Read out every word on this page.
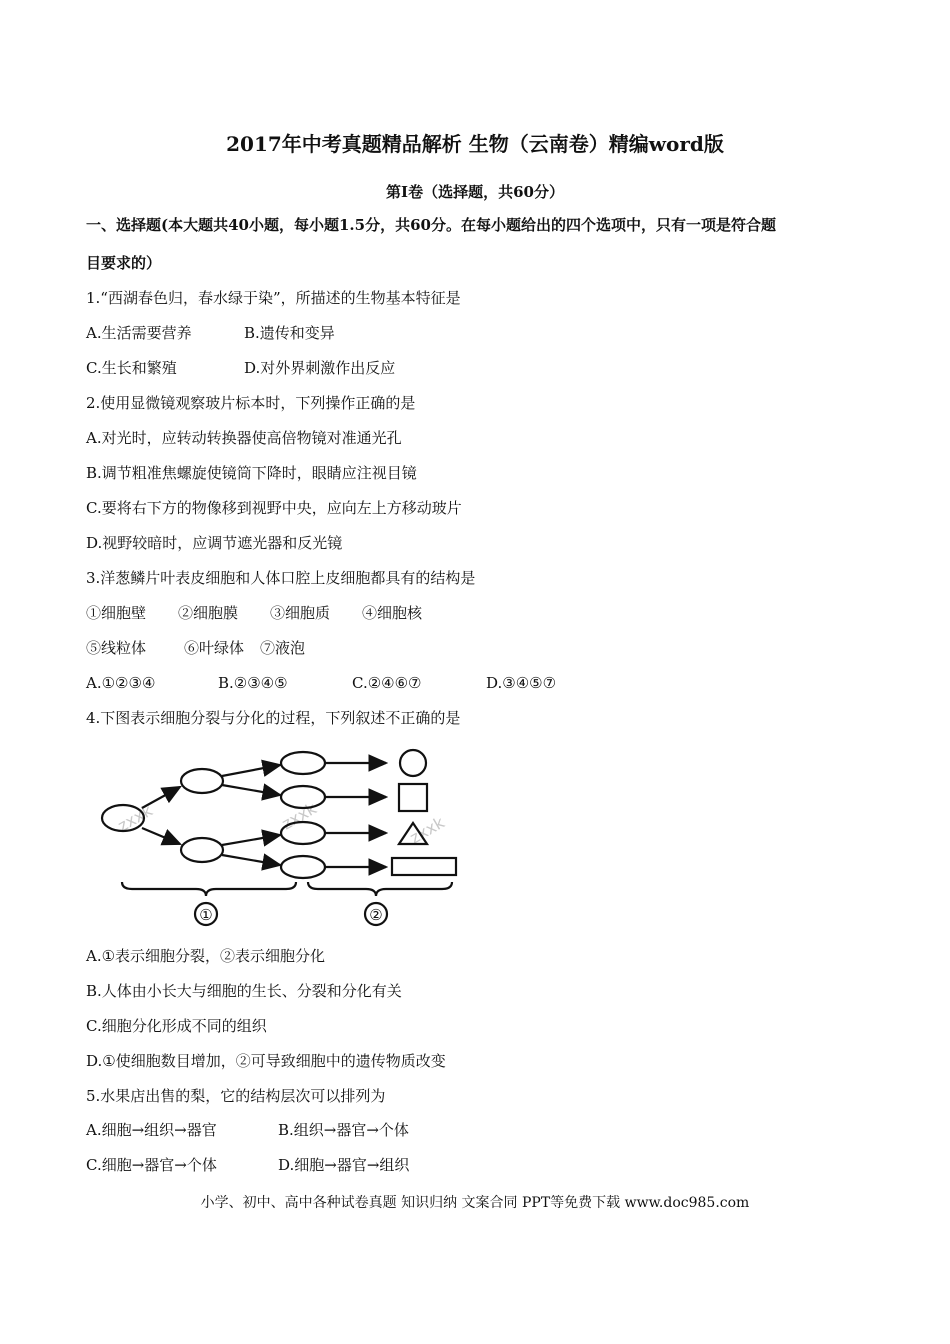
2017年中考真题精品解析 生物（云南卷）精编word版
第Ⅰ卷（选择题，共60分）
一、选择题(本大题共40小题，每小题1.5分，共60分。在每小题给出的四个选项中，只有一项是符合题
目要求的）
1.“西湖春色归，春水绿于染”，所描述的生物基本特征是
A.生活需要营养	B.遗传和变异
C.生长和繁殖	D.对外界刺激作出反应
2.使用显微镜观察玻片标本时，下列操作正确的是
A.对光时，应转动转换器使高倍物镜对准通光孔
B.调节粗准焦螺旋使镜筒下降时，眼睛应注视目镜
C.要将右下方的物像移到视野中央，应向左上方移动玻片
D.视野较暗时，应调节遮光器和反光镜
3.洋葱鳞片叶表皮细胞和人体口腔上皮细胞都具有的结构是
①细胞壁 ②细胞膜 ③细胞质 ④细胞核
⑤线粒体	⑥叶绿体 ⑦液泡
A.①②③④	B.②③④⑤	C.②④⑥⑦	D.③④⑤⑦
4.下图表示细胞分裂与分化的过程，下列叙述不正确的是
zxxk	zxxk	zxxk
①	②
A.①表示细胞分裂，②表示细胞分化
B.人体由小长大与细胞的生长、分裂和分化有关
C.细胞分化形成不同的组织
D.①使细胞数目增加，②可导致细胞中的遗传物质改变
5.水果店出售的梨，它的结构层次可以排列为
A.细胞→组织→器官	B.组织→器官→个体
C.细胞→器官→个体	D.细胞→器官→组织
小学、初中、高中各种试卷真题 知识归纳 文案合同 PPT等免费下载 www.doc985.com
